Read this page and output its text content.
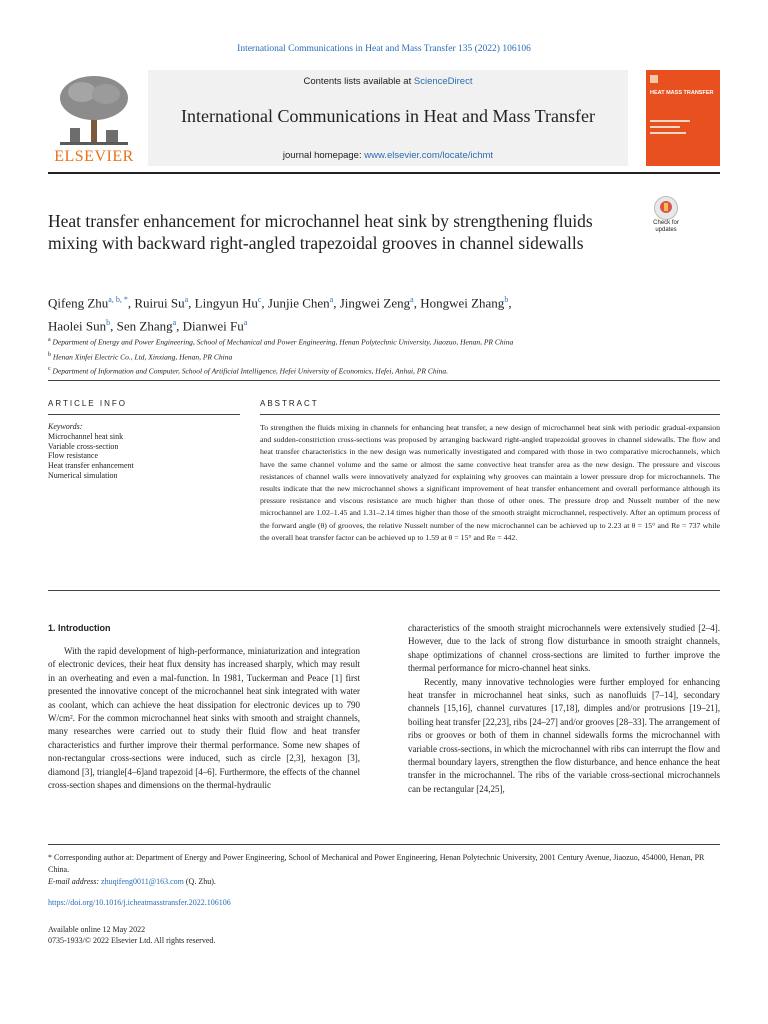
International Communications in Heat and Mass Transfer 135 (2022) 106106
ELSEVIER
Contents lists available at ScienceDirect
International Communications in Heat and Mass Transfer
journal homepage: www.elsevier.com/locate/ichmt
HEAT MASS TRANSFER
Heat transfer enhancement for microchannel heat sink by strengthening fluids mixing with backward right-angled trapezoidal grooves in channel sidewalls
Check for updates
Qifeng Zhu$^{a, b, *}$, Ruirui Su$^a$, Lingyun Hu$^c$, Junjie Chen$^a$, Jingwei Zeng$^a$, Hongwei Zhang$^b$,
Haolei Sun$^b$, Sen Zhang$^a$, Dianwei Fu$^a$
$^a$ Department of Energy and Power Engineering, School of Mechanical and Power Engineering, Henan Polytechnic University, Jiaozuo, Henan, PR China
$^b$ Henan Xinfei Electric Co., Ltd, Xinxiang, Henan, PR China
$^c$ Department of Information and Computer, School of Artificial Intelligence, Hefei University of Economics, Hefei, Anhui, PR China.
ARTICLE INFO	ABSTRACT
Keywords:
Microchannel heat sink
Variable cross-section
Flow resistance
Heat transfer enhancement
Numerical simulation
To strengthen the fluids mixing in channels for enhancing heat transfer, a new design of microchannel heat sink with periodic gradual-expansion and sudden-constriction cross-sections was proposed by arranging backward right-angled trapezoidal grooves in channel sidewalls. The flow and heat transfer characteristics in the new design was numerically investigated and compared with those in two comparative microchannels, which have the same channel volume and the same or almost the same convective heat transfer area as the new design. The pressure and viscous resistances of channel walls were innovatively analyzed for explaining why grooves can maintain a lower pressure drop for microchannels. The results indicate that the new microchannel shows a significant improvement of heat transfer enhancement and overall performance although its pressure resistance and viscous resistance are much higher than those of other ones. The pressure drop and Nusselt number of the new microchannel are 1.02–1.45 and 1.31–2.14 times higher than those of the smooth straight microchannel, respectively. After an optimum process of the forward angle (θ) of grooves, the relative Nusselt number of the new microchannel can be achieved up to 2.23 at θ = 15° and Re = 737 while the overall heat transfer factor can be achieved up to 1.59 at θ = 15° and Re = 442.
1. Introduction

With the rapid development of high-performance, miniaturization and integration of electronic devices, their heat flux density has increased sharply, which may result in an overheating and even a mal-function. In 1981, Tuckerman and Peace [1] first presented the innovative concept of the microchannel heat sink integrated with water as coolant, which can achieve the heat dissipation for electronic devices up to 790 W/cm². For the common microchannel heat sinks with smooth and straight channels, many researches were carried out to study their fluid flow and heat transfer characteristics and further improve their thermal performance. Some new shapes of non-rectangular cross-sections were induced, such as circle [2,3], hexagon [3], diamond [3], triangle[4–6]and trapezoid [4–6]. Furthermore, the effects of the channel cross-section shapes and dimensions on the thermal-hydraulic

characteristics of the smooth straight microchannels were extensively studied [2–4]. However, due to the lack of strong flow disturbance in smooth straight channels, shape optimizations of channel cross-sections are limited to further improve the thermal performance for micro-channel heat sinks.

Recently, many innovative technologies were further employed for enhancing heat transfer in microchannel heat sinks, such as nanofluids [7–14], secondary channels [15,16], channel curvatures [17,18], dimples and/or protrusions [19–21], boiling heat transfer [22,23], ribs [24–27] and/or grooves [28–33]. The arrangement of ribs or grooves or both of them in channel sidewalls forms the microchannel with variable cross-sections, in which the microchannel with ribs can interrupt the flow and thermal boundary layers, strengthen the flow disturbance, and hence enhance the heat transfer in the microchannel. The ribs of the variable cross-sectional microchannels can be rectangular [24,25],

* Corresponding author at: Department of Energy and Power Engineering, School of Mechanical and Power Engineering, Henan Polytechnic University, 2001 Century Avenue, Jiaozuo, 454000, Henan, PR China.
E-mail address: zhuqifeng0011@163.com (Q. Zhu).
https://doi.org/10.1016/j.icheatmasstransfer.2022.106106
Available online 12 May 2022
0735-1933/© 2022 Elsevier Ltd. All rights reserved.
